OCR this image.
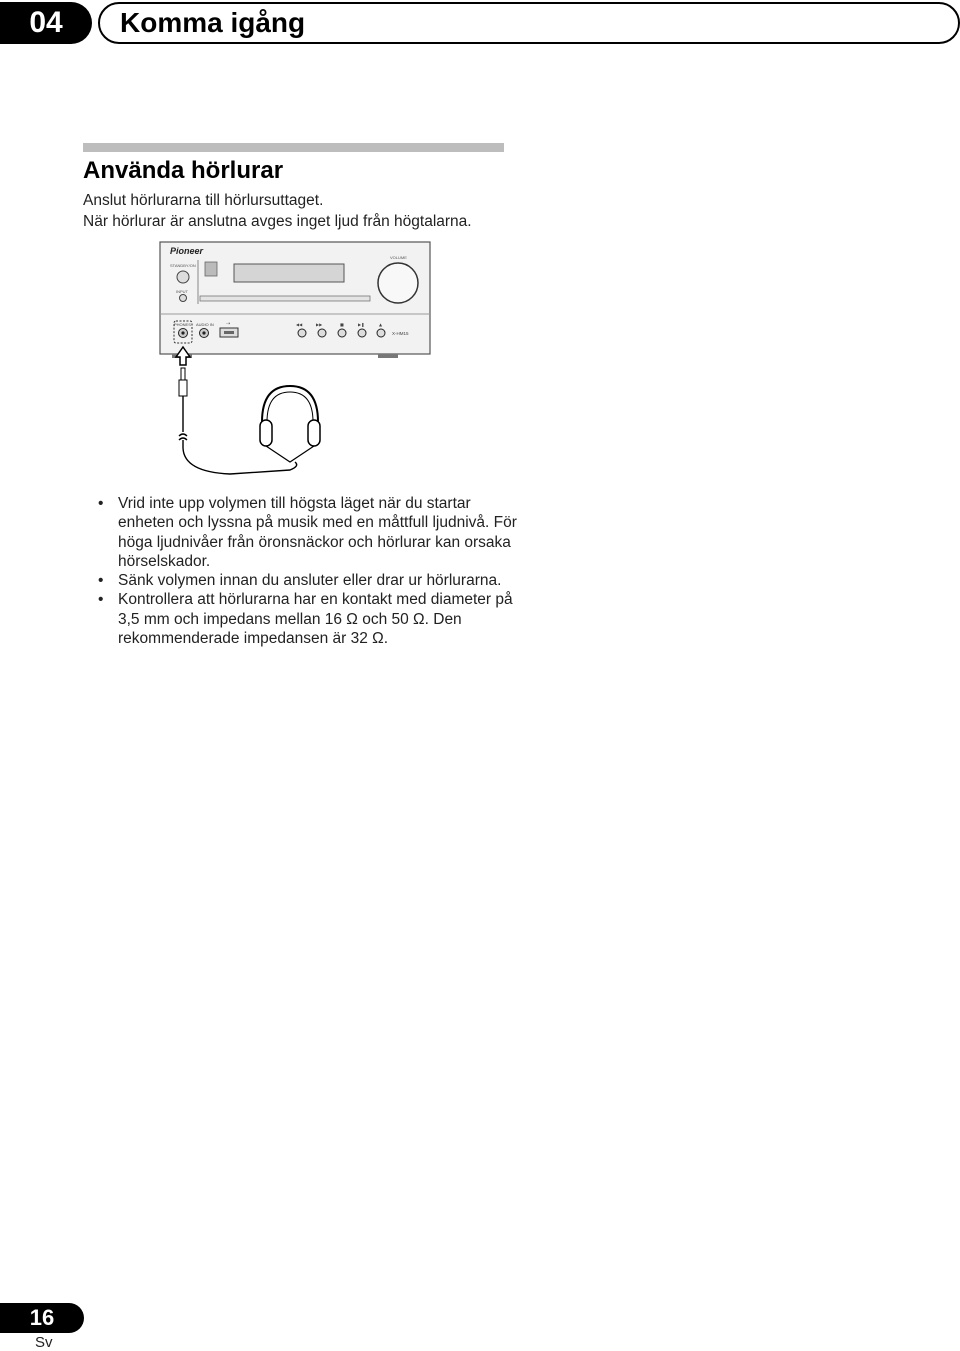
04	Komma igång
Använda hörlurar

Anslut hörlurarna till hörlursuttaget.

När hörlurar är anslutna avges inget ljud från högtalarna.

Pioneer
STANDBY/ON
INPUT
VOLUME
PHONES AUDIO IN ⇢	◀◀	▶▶	■	▶❚	▲
X-HM15
• Vrid inte upp volymen till högsta läget när du startar enheten och lyssna på musik med en måttfull ljudnivå. För höga ljudnivåer från öronsnäckor och hörlurar kan orsaka hörselskador.
• Sänk volymen innan du ansluter eller drar ur hörlurarna.
• Kontrollera att hörlurarna har en kontakt med diameter på 3,5 mm och impedans mellan 16 Ω och 50 Ω. Den rekommenderade impedansen är 32 Ω.
16
Sv
